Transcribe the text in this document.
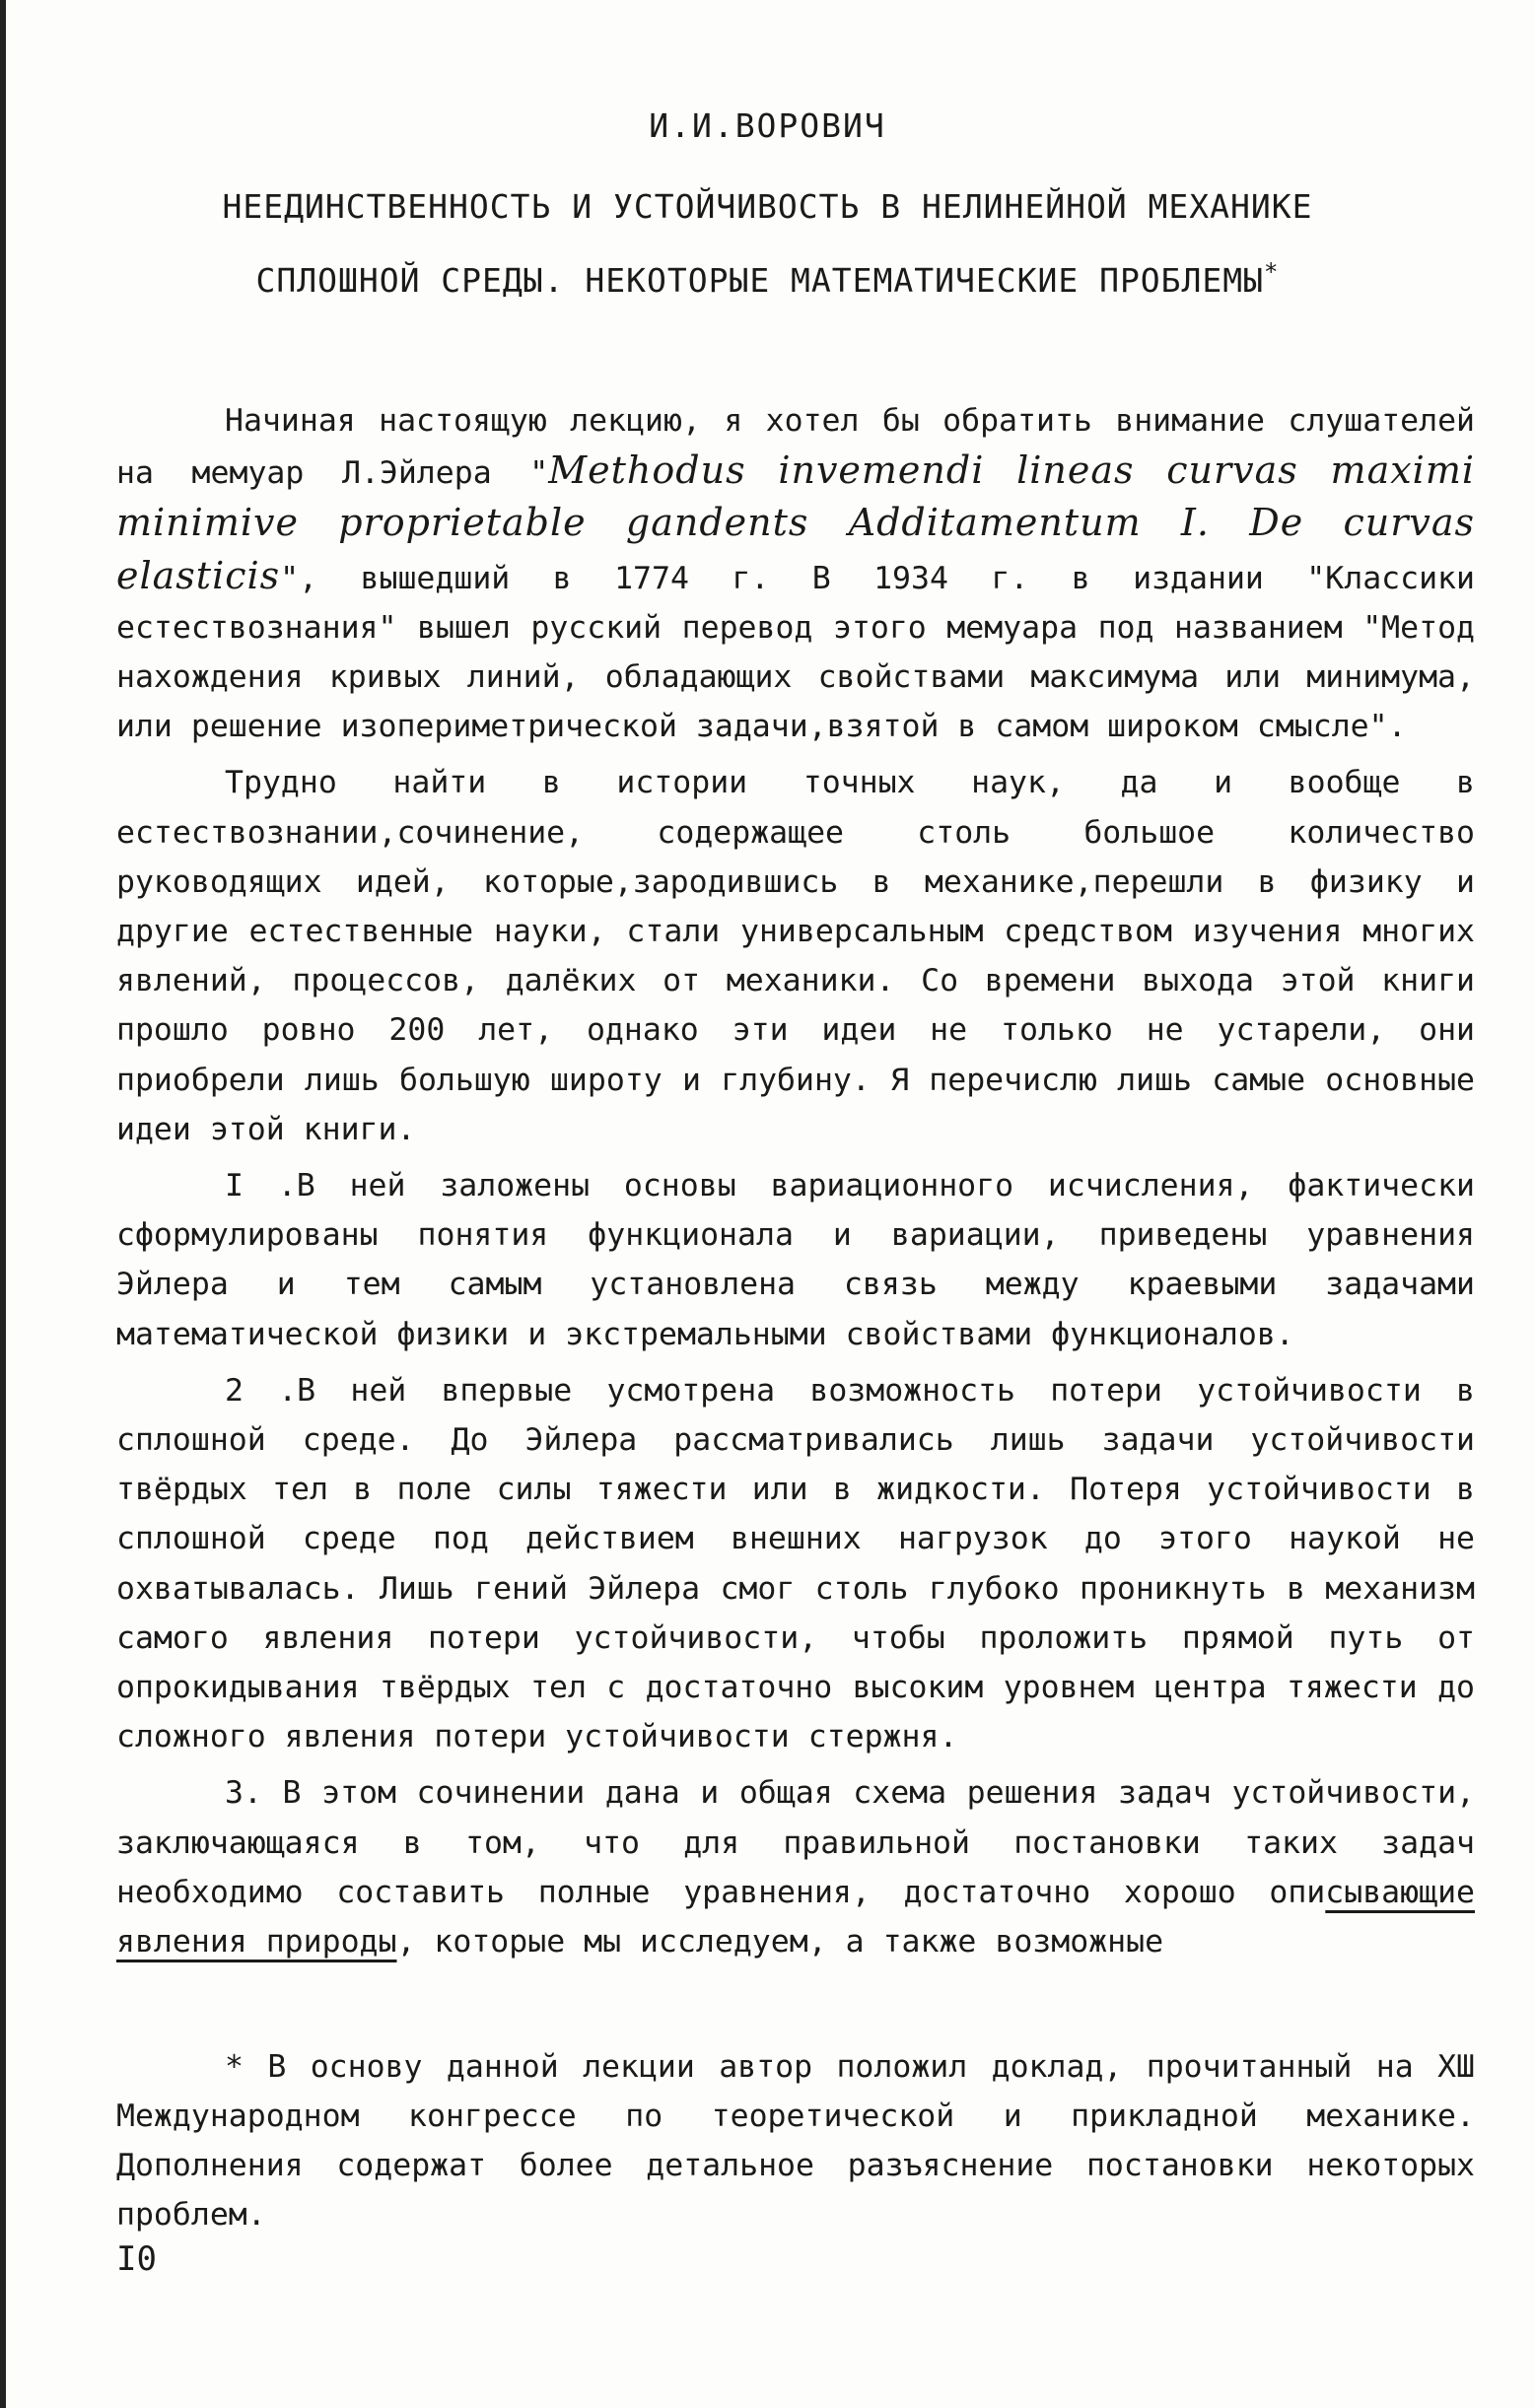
И.И.ВОРОВИЧ
НЕЕДИНСТВЕННОСТЬ И УСТОЙЧИВОСТЬ В НЕЛИНЕЙНОЙ МЕХАНИКЕ
СПЛОШНОЙ СРЕДЫ. НЕКОТОРЫЕ МАТЕМАТИЧЕСКИЕ ПРОБЛЕМЫ*

Начиная настоящую лекцию, я хотел бы обратить внимание слушателей на мемуар Л.Эйлера "Methodus invemendi lineas curvas maximi minimive proprietable gandents Additamentum I. De curvas elasticis", вышедший в 1774 г. В 1934 г. в издании "Классики естествознания" вышел русский перевод этого мемуара под названием "Метод нахождения кривых линий, обладающих свойствами максимума или минимума, или решение изопериметрической задачи,взятой в самом широком смысле".

Трудно найти в истории точных наук, да и вообще в естествознании,сочинение, содержащее столь большое количество руководящих идей, которые,зародившись в механике,перешли в физику и другие естественные науки, стали универсальным средством изучения многих явлений, процессов, далёких от механики. Со времени выхода этой книги прошло ровно 200 лет, однако эти идеи не только не устарели, они приобрели лишь большую широту и глубину. Я перечислю лишь самые основные идеи этой книги.

I .В ней заложены основы вариационного исчисления, фактически сформулированы понятия функционала и вариации, приведены уравнения Эйлера и тем самым установлена связь между краевыми задачами математической физики и экстремальными свойствами функционалов.

2 .В ней впервые усмотрена возможность потери устойчивости в сплошной среде. До Эйлера рассматривались лишь задачи устойчивости твёрдых тел в поле силы тяжести или в жидкости. Потеря устойчивости в сплошной среде под действием внешних нагрузок до этого наукой не охватывалась. Лишь гений Эйлера смог столь глубоко проникнуть в механизм самого явления потери устойчивости, чтобы проложить прямой путь от опрокидывания твёрдых тел с достаточно высоким уровнем центра тяжести до сложного явления потери устойчивости стержня.

3. В этом сочинении дана и общая схема решения задач устойчивости, заключающаяся в том, что для правильной постановки таких задач необходимо составить полные уравнения, достаточно хорошо описывающие явления природы, которые мы исследуем, а также возможные

* В основу данной лекции автор положил доклад, прочитанный на XШ Международном конгрессе по теоретической и прикладной механике. Дополнения содержат более детальное разъяснение постановки некоторых проблем.

I0
